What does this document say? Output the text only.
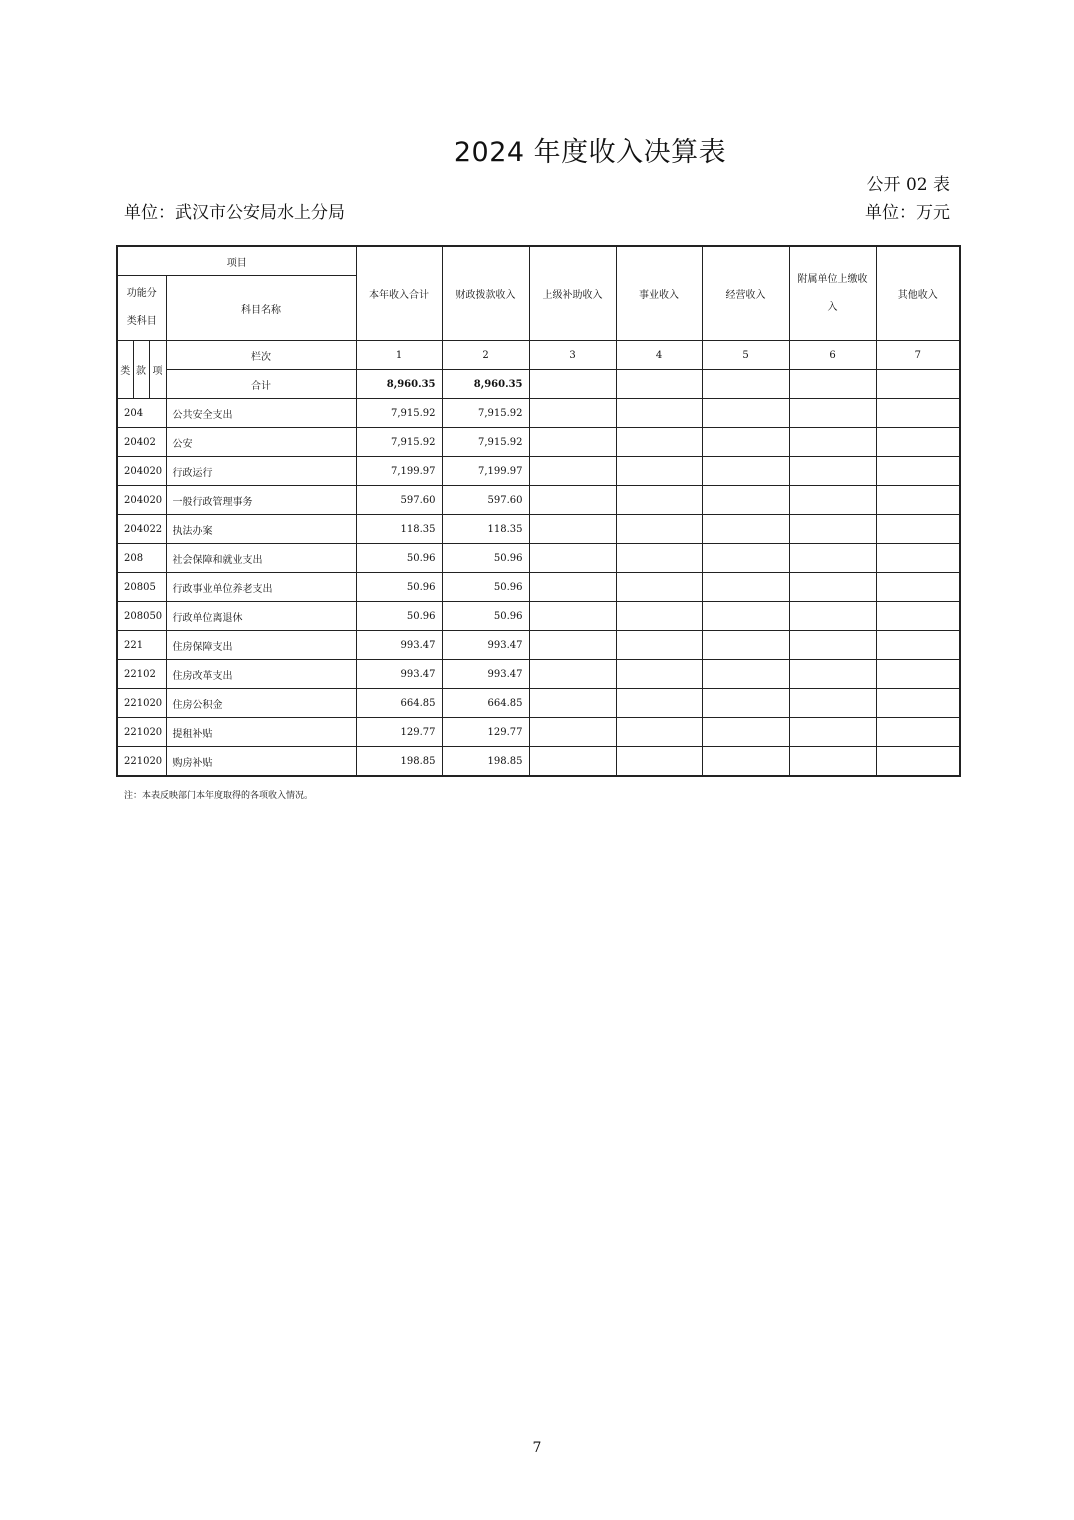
2024 年度收入决算表
公开 02 表
单位：武汉市公安局水上分局	单位：万元
项目				本年收入合计	财政拨款收入	上级补助收入	事业收入	经营收入	附属单位上缴收
入	其他收入

功能分
类科目			科目名称							
类	款	项	栏次	1	2	3	4	5	6	7
			合计	8,960.35	8,960.35					
204			公共安全支出	7,915.92	7,915.92					
20402			公安	7,915.92	7,915.92					
204020			行政运行	7,199.97	7,199.97					
204020			一般行政管理事务	597.60	597.60					
204022			执法办案	118.35	118.35					
208			社会保障和就业支出	50.96	50.96					
20805			行政事业单位养老支出	50.96	50.96					
208050			行政单位离退休	50.96	50.96					
221			住房保障支出	993.47	993.47					
22102			住房改革支出	993.47	993.47					
221020			住房公积金	664.85	664.85					
221020			提租补贴	129.77	129.77					
221020			购房补贴	198.85	198.85					
注：本表反映部门本年度取得的各项收入情况。
7
